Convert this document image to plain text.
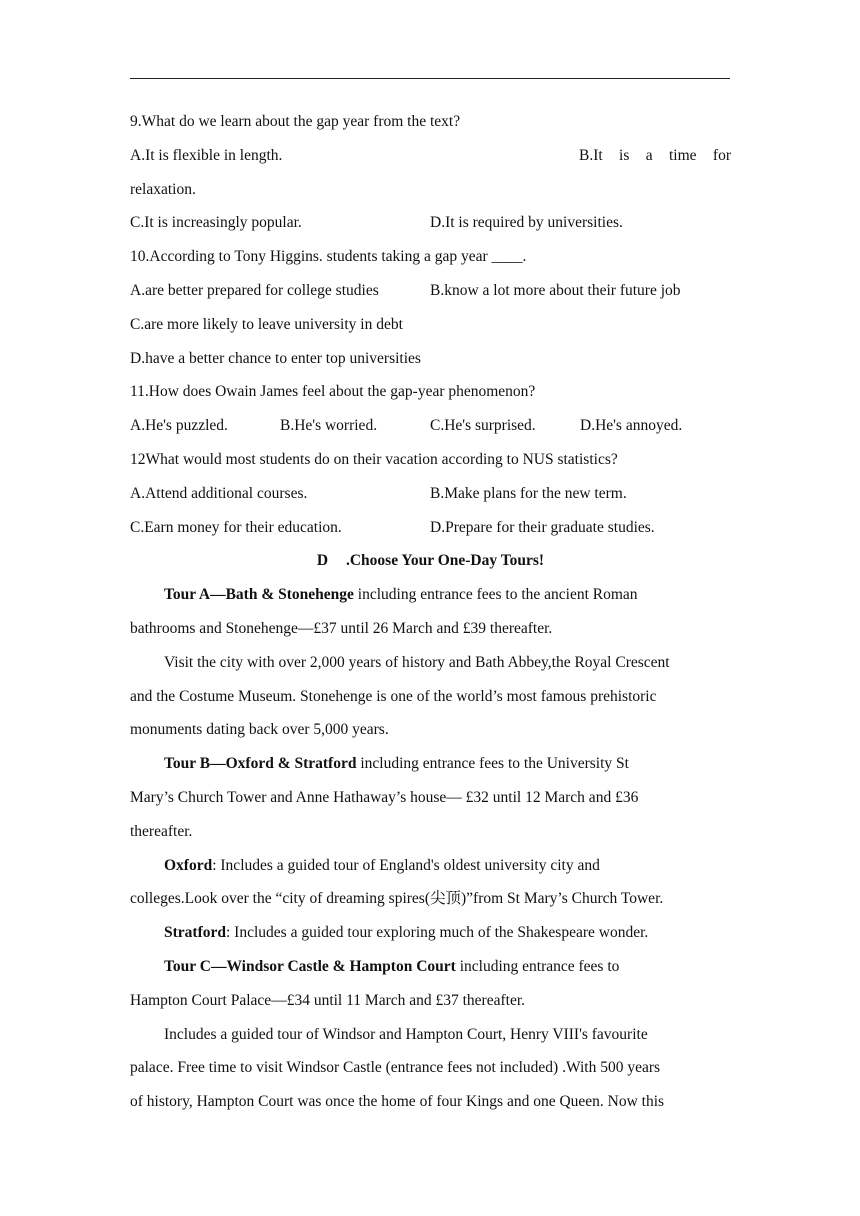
9.What do we learn about the gap year from the text?
A.It is flexible in length.	B.It is a time for
relaxation.
C.It is increasingly popular.	D.It is required by universities.
10.According to Tony Higgins. students taking a gap year ____.
A.are better prepared for college studies	B.know a lot more about their future job
C.are more likely to leave university in debt
D.have a better chance to enter top universities
11.How does Owain James feel about the gap-year phenomenon?
A.He's puzzled.	B.He's worried.	C.He's surprised.	D.He's annoyed.
12What would most students do on their vacation according to NUS statistics?
A.Attend additional courses.	B.Make plans for the new term.
C.Earn money for their education.	D.Prepare for their graduate studies.
D .Choose Your One-Day Tours!
Tour A—Bath & Stonehenge including entrance fees to the ancient Roman
bathrooms and Stonehenge—£37 until 26 March and £39 thereafter.
Visit the city with over 2,000 years of history and Bath Abbey,the Royal Crescent
and the Costume Museum. Stonehenge is one of the world’s most famous prehistoric
monuments dating back over 5,000 years.
Tour B—Oxford & Stratford including entrance fees to the University St
Mary’s Church Tower and Anne Hathaway’s house— £32 until 12 March and £36
thereafter.
Oxford: Includes a guided tour of England's oldest university city and
colleges.Look over the “city of dreaming spires(尖顶)”from St Mary’s Church Tower.
Stratford: Includes a guided tour exploring much of the Shakespeare wonder.
Tour C—Windsor Castle & Hampton Court including entrance fees to
Hampton Court Palace—£34 until 11 March and £37 thereafter.
Includes a guided tour of Windsor and Hampton Court, Henry VIII's favourite
palace. Free time to visit Windsor Castle (entrance fees not included) .With 500 years
of history, Hampton Court was once the home of four Kings and one Queen. Now this
